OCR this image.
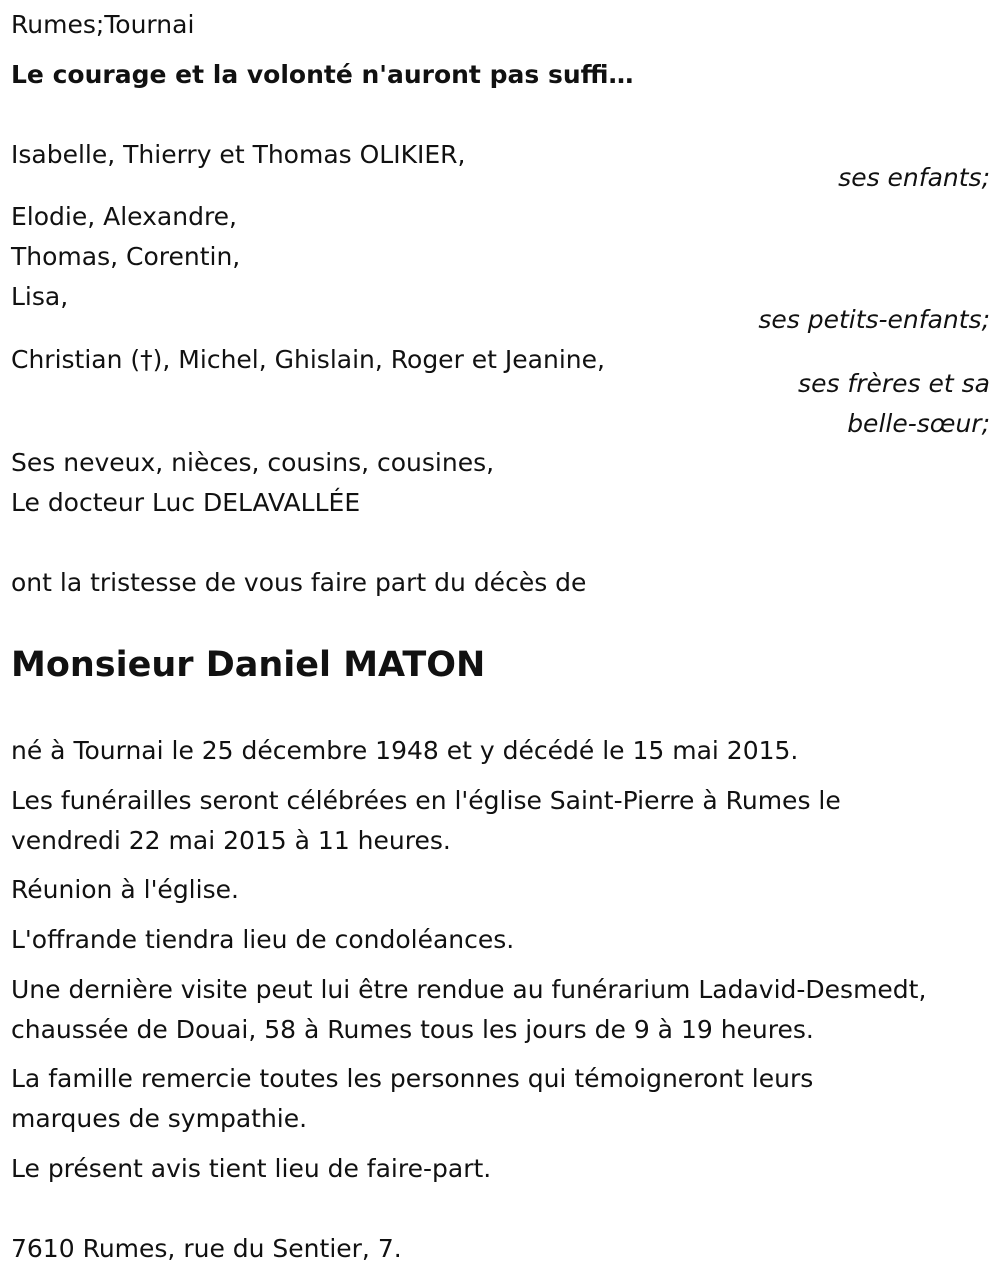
Rumes;Tournai
Le courage et la volonté n'auront pas suffi…
Isabelle, Thierry et Thomas OLIKIER,
ses enfants;
Elodie, Alexandre,
Thomas, Corentin,
Lisa,
ses petits-enfants;
Christian (†), Michel, Ghislain, Roger et Jeanine,
ses frères et sa
belle-sœur;
Ses neveux, nièces, cousins, cousines,
Le docteur Luc DELAVALLÉE
ont la tristesse de vous faire part du décès de
Monsieur Daniel MATON
né à Tournai le 25 décembre 1948 et y décédé le 15 mai 2015.
Les funérailles seront célébrées en l'église Saint-Pierre à Rumes le
vendredi 22 mai 2015 à 11 heures.
Réunion à l'église.
L'offrande tiendra lieu de condoléances.
Une dernière visite peut lui être rendue au funérarium Ladavid-Desmedt,
chaussée de Douai, 58 à Rumes tous les jours de 9 à 19 heures.
La famille remercie toutes les personnes qui témoigneront leurs
marques de sympathie.
Le présent avis tient lieu de faire-part.
7610 Rumes, rue du Sentier, 7.
